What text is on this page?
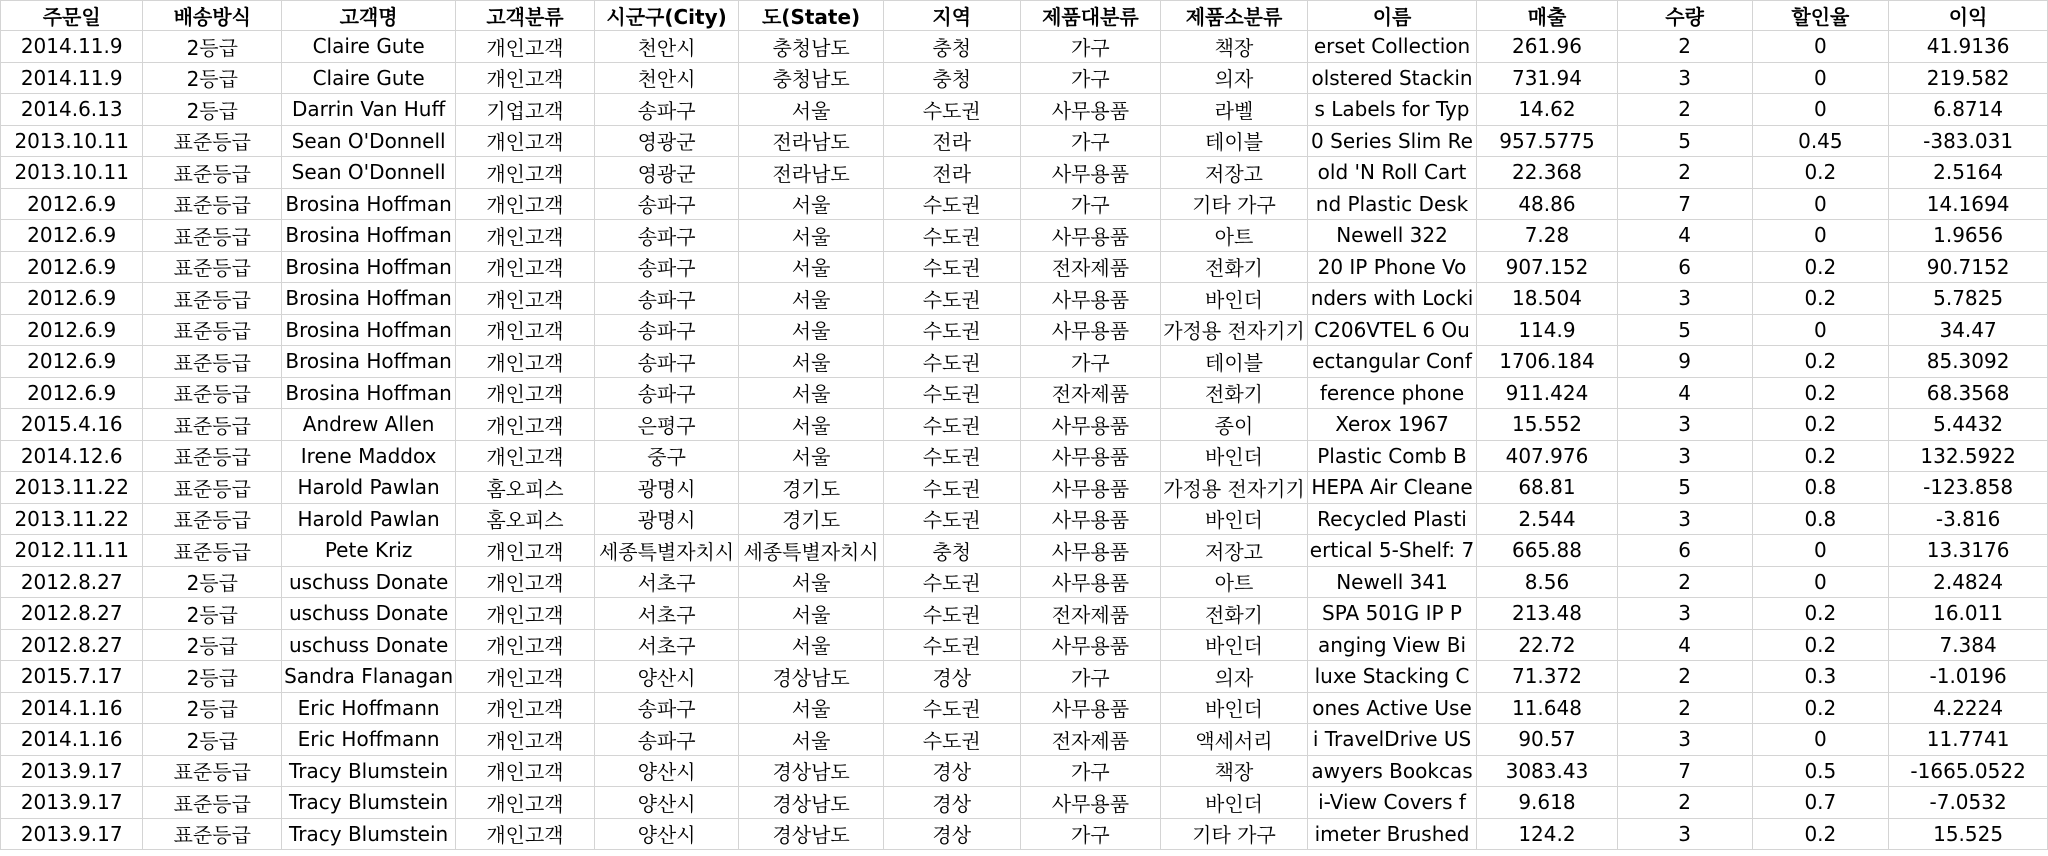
주문일	배송방식	고객명	고객분류	시군구(City)	도(State)	지역	제품대분류	제품소분류	이름	매출	수량	할인율	이익
2014.11.9	2등급	Claire Gute	개인고객	천안시	충청남도	충청	가구	책장	erset Collection	261.96	2	0	41.9136
2014.11.9	2등급	Claire Gute	개인고객	천안시	충청남도	충청	가구	의자	olstered Stackin	731.94	3	0	219.582
2014.6.13	2등급	Darrin Van Huff	기업고객	송파구	서울	수도권	사무용품	라벨	s Labels for Typ	14.62	2	0	6.8714
2013.10.11	표준등급	Sean O'Donnell	개인고객	영광군	전라남도	전라	가구	테이블	0 Series Slim Re	957.5775	5	0.45	-383.031
2013.10.11	표준등급	Sean O'Donnell	개인고객	영광군	전라남도	전라	사무용품	저장고	old 'N Roll Cart	22.368	2	0.2	2.5164
2012.6.9	표준등급	Brosina Hoffman	개인고객	송파구	서울	수도권	가구	기타 가구	nd Plastic Desk	48.86	7	0	14.1694
2012.6.9	표준등급	Brosina Hoffman	개인고객	송파구	서울	수도권	사무용품	아트	Newell 322	7.28	4	0	1.9656
2012.6.9	표준등급	Brosina Hoffman	개인고객	송파구	서울	수도권	전자제품	전화기	20 IP Phone Vo	907.152	6	0.2	90.7152
2012.6.9	표준등급	Brosina Hoffman	개인고객	송파구	서울	수도권	사무용품	바인더	nders with Locki	18.504	3	0.2	5.7825
2012.6.9	표준등급	Brosina Hoffman	개인고객	송파구	서울	수도권	사무용품	가정용 전자기기	C206VTEL 6 Ou	114.9	5	0	34.47
2012.6.9	표준등급	Brosina Hoffman	개인고객	송파구	서울	수도권	가구	테이블	ectangular Conf	1706.184	9	0.2	85.3092
2012.6.9	표준등급	Brosina Hoffman	개인고객	송파구	서울	수도권	전자제품	전화기	ference phone	911.424	4	0.2	68.3568
2015.4.16	표준등급	Andrew Allen	개인고객	은평구	서울	수도권	사무용품	종이	Xerox 1967	15.552	3	0.2	5.4432
2014.12.6	표준등급	Irene Maddox	개인고객	중구	서울	수도권	사무용품	바인더	Plastic Comb B	407.976	3	0.2	132.5922
2013.11.22	표준등급	Harold Pawlan	홈오피스	광명시	경기도	수도권	사무용품	가정용 전자기기	HEPA Air Cleane	68.81	5	0.8	-123.858
2013.11.22	표준등급	Harold Pawlan	홈오피스	광명시	경기도	수도권	사무용품	바인더	Recycled Plasti	2.544	3	0.8	-3.816
2012.11.11	표준등급	Pete Kriz	개인고객	세종특별자치시	세종특별자치시	충청	사무용품	저장고	ertical 5-Shelf: 7	665.88	6	0	13.3176
2012.8.27	2등급	uschuss Donate	개인고객	서초구	서울	수도권	사무용품	아트	Newell 341	8.56	2	0	2.4824
2012.8.27	2등급	uschuss Donate	개인고객	서초구	서울	수도권	전자제품	전화기	SPA 501G IP P	213.48	3	0.2	16.011
2012.8.27	2등급	uschuss Donate	개인고객	서초구	서울	수도권	사무용품	바인더	anging View Bi	22.72	4	0.2	7.384
2015.7.17	2등급	Sandra Flanagan	개인고객	양산시	경상남도	경상	가구	의자	luxe Stacking C	71.372	2	0.3	-1.0196
2014.1.16	2등급	Eric Hoffmann	개인고객	송파구	서울	수도권	사무용품	바인더	ones Active Use	11.648	2	0.2	4.2224
2014.1.16	2등급	Eric Hoffmann	개인고객	송파구	서울	수도권	전자제품	액세서리	i TravelDrive US	90.57	3	0	11.7741
2013.9.17	표준등급	Tracy Blumstein	개인고객	양산시	경상남도	경상	가구	책장	awyers Bookcas	3083.43	7	0.5	-1665.0522
2013.9.17	표준등급	Tracy Blumstein	개인고객	양산시	경상남도	경상	사무용품	바인더	i-View Covers f	9.618	2	0.7	-7.0532
2013.9.17	표준등급	Tracy Blumstein	개인고객	양산시	경상남도	경상	가구	기타 가구	imeter Brushed	124.2	3	0.2	15.525
